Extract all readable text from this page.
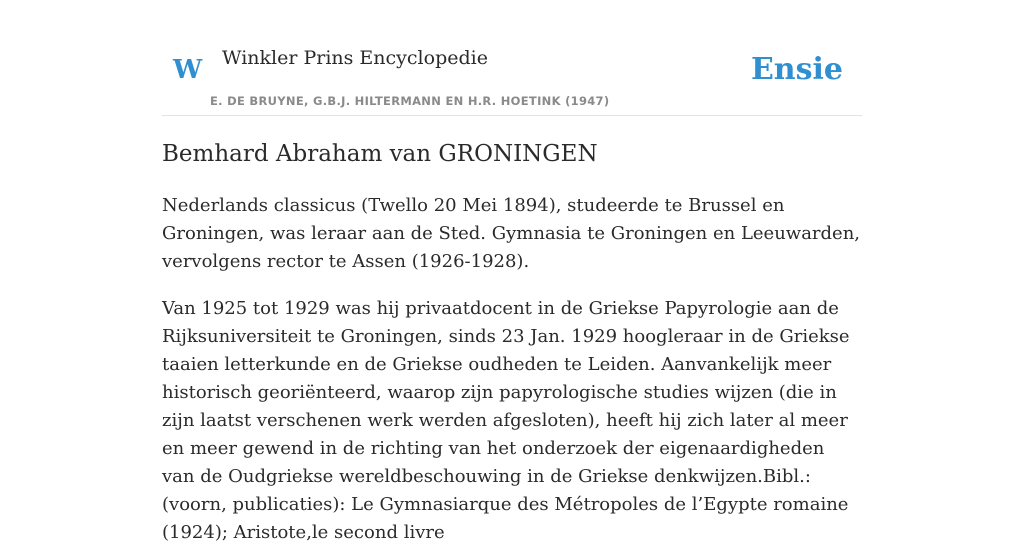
W Winkler Prins Encyclopedie
E. DE BRUYNE, G.B.J. HILTERMANN EN H.R. HOETINK (1947)
Ensie
Bemhard Abraham van GRONINGEN

Nederlands classicus (Twello 20 Mei 1894), studeerde te Brussel en Groningen, was leraar aan de Sted. Gymnasia te Groningen en Leeuwarden, vervolgens rector te Assen (1926-1928).

Van 1925 tot 1929 was hij privaatdocent in de Griekse Papyrologie aan de Rijksuniversiteit te Groningen, sinds 23 Jan. 1929 hoogleraar in de Griekse taaien letterkunde en de Griekse oudheden te Leiden. Aanvankelijk meer historisch georiënteerd, waarop zijn papyrologische studies wijzen (die in zijn laatst verschenen werk werden afgesloten), heeft hij zich later al meer en meer gewend in de richting van het onderzoek der eigenaardigheden van de Oudgriekse wereldbeschouwing in de Griekse denkwijzen.Bibl.: (voorn, publicaties): Le Gymnasiarque des Métropoles de l’Egypte romaine (1924); Aristote,le second livre
